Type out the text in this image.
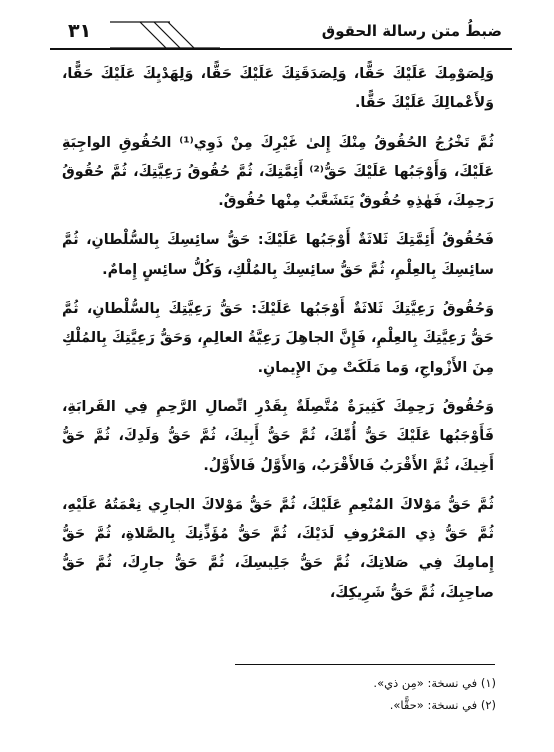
٣١	ضبطُ متن رسالة الحقوق

وَلِصَوْمِكَ عَلَيْكَ حَقًّا، وَلِصَدَقَتِكَ عَلَيْكَ حَقًّا، وَلِهَدْيِكَ عَلَيْكَ حَقًّا، وَلأَعْمالِكَ عَلَيْكَ حَقًّا.

ثُمَّ تَخْرُجُ الحُقُوقُ مِنْكَ إِلىٰ غَيْرِكَ مِنْ ذَوِي⁽¹⁾ الحُقُوقِ الواجِبَةِ عَلَيْكَ، وَأَوْجَبُها عَلَيْكَ حَقُّ⁽²⁾ أَئِمَّتِكَ، ثُمَّ حُقُوقُ رَعِيَّتِكَ، ثُمَّ حُقُوقُ رَحِمِكَ، فَهٰذِهِ حُقُوقٌ يَتَشَعَّبُ مِنْها حُقُوقٌ.

فَحُقُوقُ أَئِمَّتِكَ ثَلاثَةٌ أَوْجَبُها عَلَيْكَ: حَقُّ سائِسِكَ بِالسُّلْطانِ، ثُمَّ سائِسِكَ بِالعِلْمِ، ثُمَّ حَقُّ سائِسِكَ بِالمُلْكِ، وَكُلُّ سائِسٍ إِمامٌ.

وَحُقُوقُ رَعِيَّتِكَ ثَلاثَةٌ أَوْجَبُها عَلَيْكَ: حَقُّ رَعِيَّتِكَ بِالسُّلْطانِ، ثُمَّ حَقُّ رَعِيَّتِكَ بِالعِلْمِ، فَإِنَّ الجاهِلَ رَعِيَّةُ العالِمِ، وَحَقُّ رَعِيَّتِكَ بِالمُلْكِ مِنَ الأَزْواجِ، وَما مَلَكَتْ مِنَ الإِيمانِ.

وَحُقُوقُ رَحِمِكَ كَثِيرَةٌ مُتَّصِلَةٌ بِقَدْرِ اتِّصالِ الرَّحِمِ فِي القَرابَةِ، فَأَوْجَبُها عَلَيْكَ حَقُّ أُمِّكَ، ثُمَّ حَقُّ أَبِيكَ، ثُمَّ حَقُّ وَلَدِكَ، ثُمَّ حَقُّ أَخِيكَ، ثُمَّ الأَقْرَبُ فَالأَقْرَبُ، وَالأَوَّلُ فَالأَوَّلُ.

ثُمَّ حَقُّ مَوْلاكَ المُنْعِمِ عَلَيْكَ، ثُمَّ حَقُّ مَوْلاكَ الجارِي نِعْمَتُهُ عَلَيْهِ، ثُمَّ حَقُّ ذِي المَعْرُوفِ لَدَيْكَ، ثُمَّ حَقُّ مُؤَذِّنِكَ بِالصَّلاةِ، ثُمَّ حَقُّ إِمامِكَ فِي صَلاتِكَ، ثُمَّ حَقُّ جَلِيسِكَ، ثُمَّ حَقُّ جارِكَ، ثُمَّ حَقُّ صاحِبِكَ، ثُمَّ حَقُّ شَرِيكِكَ،

(١) في نسخة: «مِن ذي».

(٢) في نسخة: «حقًّا».
